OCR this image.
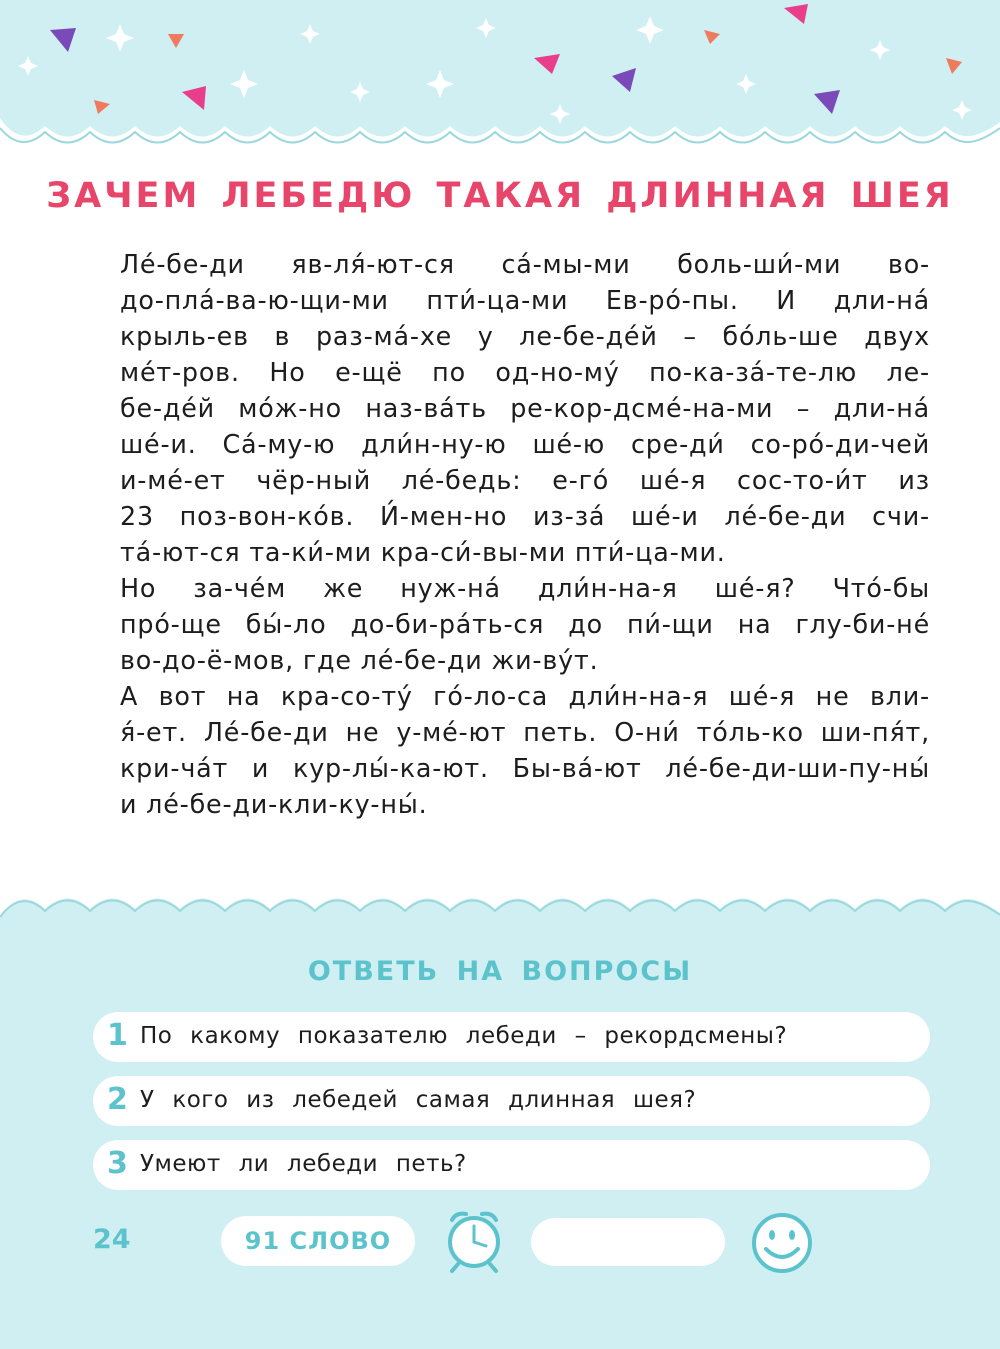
ЗАЧЕМ ЛЕБЕДЮ ТАКАЯ ДЛИННАЯ ШЕЯ

Ле́-бе-ди яв-ля́-ют-ся са́-мы-ми боль-ши́-ми во-
до-пла́-ва-ю-щи-ми пти́-ца-ми Ев-ро́-пы. И дли-на́
крыль-ев в раз-ма́-хе у ле-бе-де́й – бо́ль-ше двух
ме́т-ров. Но е-щё по од-но-му́ по-ка-за́-те-лю ле-
бе-де́й мо́ж-но наз-ва́ть ре-кор-дсме́-на-ми – дли-на́
ше́-и. Са́-му-ю дли́н-ну-ю ше́-ю сре-ди́ со-ро́-ди-чей
и-ме́-ет чёр-ный ле́-бедь: е-го́ ше́-я сос-то-и́т из
23 поз-вон-ко́в. И́-мен-но из-за́ ше́-и ле́-бе-ди счи-
та́-ют-ся та-ки́-ми кра-си́-вы-ми пти́-ца-ми.

Но за-че́м же нуж-на́ дли́н-на-я ше́-я? Что́-бы
про́-ще бы́-ло до-би-ра́ть-ся до пи́-щи на глу-би-не́
во-до-ё-мов, где ле́-бе-ди жи-ву́т.

А вот на кра-со-ту́ го́-ло-са дли́н-на-я ше́-я не вли-
я́-ет. Ле́-бе-ди не у-ме́-ют петь. О-ни́ то́ль-ко ши-пя́т,
кри-ча́т и кур-лы́-ка-ют. Бы-ва́-ют ле́-бе-ди-ши-пу-ны́
и ле́-бе-ди-кли-ку-ны́.

ОТВЕТЬ НА ВОПРОСЫ
1 По какому показателю лебеди – рекордсмены?
2 У кого из лебедей самая длинная шея?
3 Умеют ли лебеди петь?
24	91 СЛОВО
